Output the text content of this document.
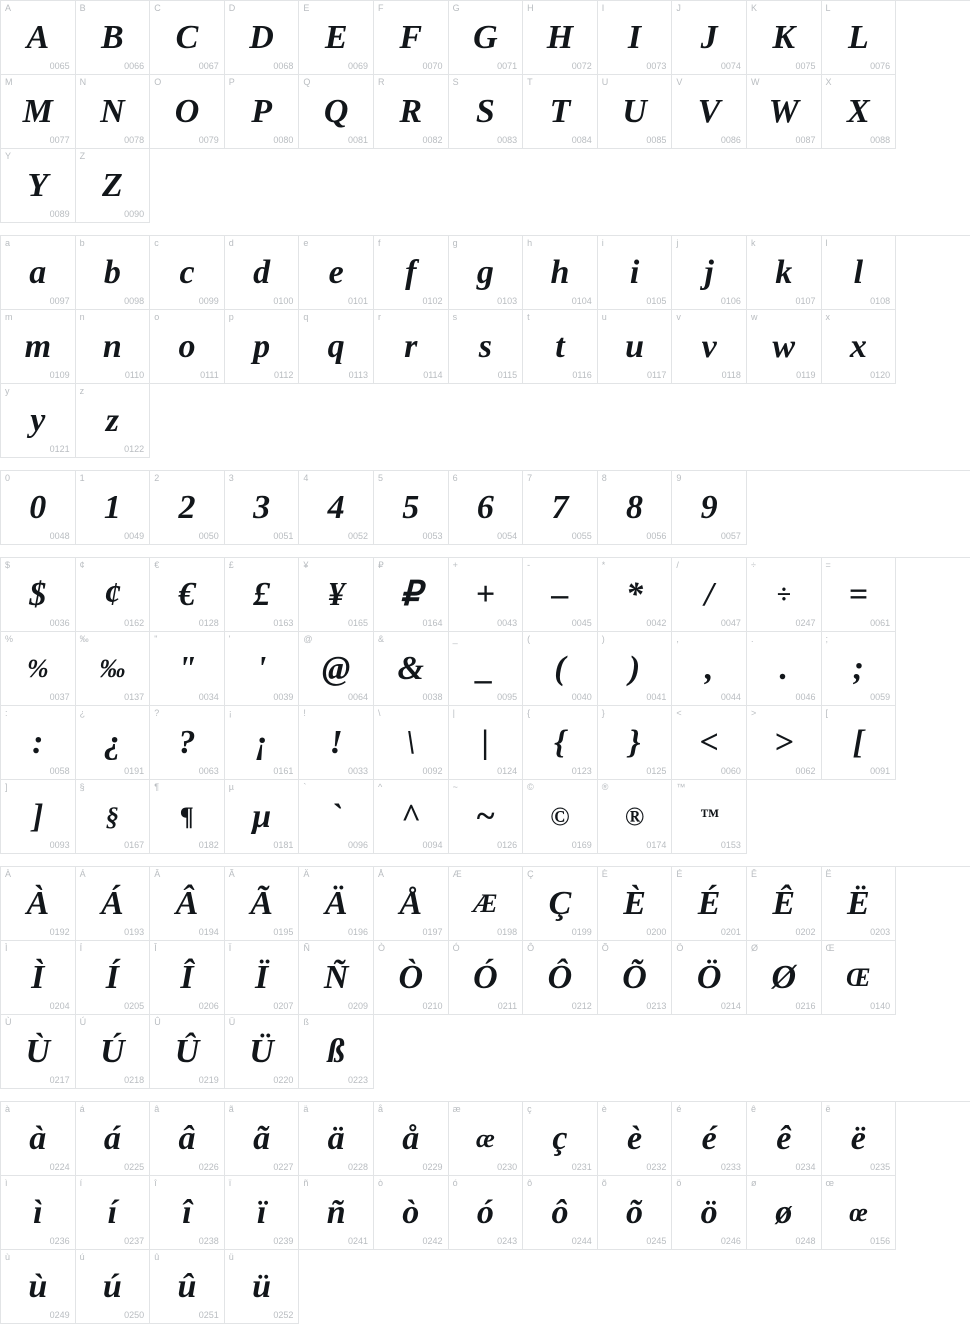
A
A
0065
B
B
0066
C
C
0067
D
D
0068
E
E
0069
F
F
0070
G
G
0071
H
H
0072
I
I
0073
J
J
0074
K
K
0075
L
L
0076
M
M
0077
N
N
0078
O
O
0079
P
P
0080
Q
Q
0081
R
R
0082
S
S
0083
T
T
0084
U
U
0085
V
V
0086
W
W
0087
X
X
0088
Y
Y
0089
Z
Z
0090
a
a
0097
b
b
0098
c
c
0099
d
d
0100
e
e
0101
f
f
0102
g
g
0103
h
h
0104
i
i
0105
j
j
0106
k
k
0107
l
l
0108
m
m
0109
n
n
0110
o
o
0111
p
p
0112
q
q
0113
r
r
0114
s
s
0115
t
t
0116
u
u
0117
v
v
0118
w
w
0119
x
x
0120
y
y
0121
z
z
0122
0
0
0048
1
1
0049
2
2
0050
3
3
0051
4
4
0052
5
5
0053
6
6
0054
7
7
0055
8
8
0056
9
9
0057
$
$
0036
¢
¢
0162
€
€
0128
£
£
0163
¥
¥
0165
₽
₽
0164
+
+
0043
-
–
0045
*
*
0042
/
/
0047
÷
÷
0247
=
=
0061
%
%
0037
‰
‰
0137
"
"
0034
'
'
0039
@
@
0064
&
&
0038
_
_
0095
(
(
0040
)
)
0041
,
,
0044
.
.
0046
;
;
0059
:
:
0058
¿
¿
0191
?
?
0063
¡
¡
0161
!
!
0033
\
\
0092
|
|
0124
{
{
0123
}
}
0125
<
<
0060
>
>
0062
[
[
0091
]
]
0093
§
§
0167
¶
¶
0182
µ
µ
0181
`
`
0096
^
^
0094
~
~
0126
©
©
0169
®
®
0174
™
™
0153
À
À
0192
Á
Á
0193
Â
Â
0194
Ã
Ã
0195
Ä
Ä
0196
Å
Å
0197
Æ
Æ
0198
Ç
Ç
0199
È
È
0200
É
É
0201
Ê
Ê
0202
Ë
Ë
0203
Ì
Ì
0204
Í
Í
0205
Î
Î
0206
Ï
Ï
0207
Ñ
Ñ
0209
Ò
Ò
0210
Ó
Ó
0211
Ô
Ô
0212
Õ
Õ
0213
Ö
Ö
0214
Ø
Ø
0216
Œ
Œ
0140
Ù
Ù
0217
Ú
Ú
0218
Û
Û
0219
Ü
Ü
0220
ß
ß
0223
à
à
0224
á
á
0225
â
â
0226
ã
ã
0227
ä
ä
0228
å
å
0229
æ
æ
0230
ç
ç
0231
è
è
0232
é
é
0233
ê
ê
0234
ë
ë
0235
ì
ì
0236
í
í
0237
î
î
0238
ï
ï
0239
ñ
ñ
0241
ò
ò
0242
ó
ó
0243
ô
ô
0244
õ
õ
0245
ö
ö
0246
ø
ø
0248
œ
œ
0156
ù
ù
0249
ú
ú
0250
û
û
0251
ü
ü
0252
